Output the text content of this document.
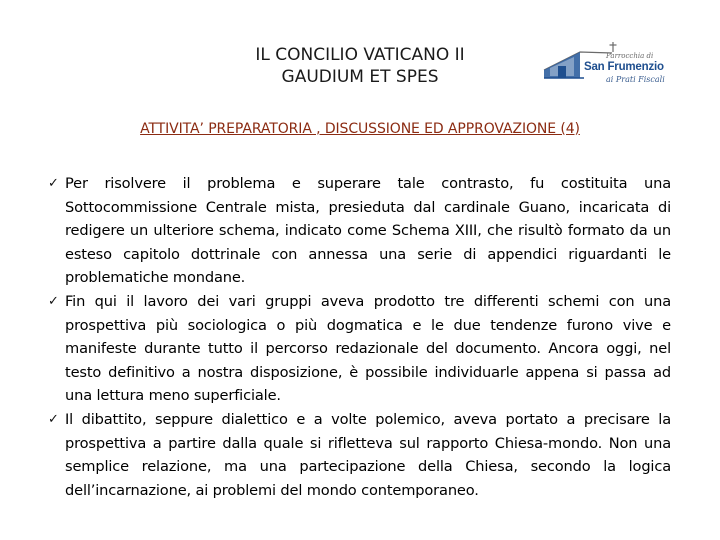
IL CONCILIO VATICANO II
GAUDIUM ET SPES
Parrocchia di
San Frumenzio
ai Prati Fiscali
ATTIVITA’ PREPARATORIA , DISCUSSIONE ED APPROVAZIONE (4)
✓ Per risolvere il problema e superare tale contrasto, fu costituita una Sottocommissione Centrale mista, presieduta dal cardinale Guano, incaricata di redigere un ulteriore schema, indicato come Schema XIII, che risultò formato da un esteso capitolo dottrinale con annessa una serie di appendici riguardanti le problematiche mondane.
✓ Fin qui il lavoro dei vari gruppi aveva prodotto tre differenti schemi con una prospettiva più sociologica o più dogmatica e le due tendenze furono vive e manifeste durante tutto il percorso redazionale del documento. Ancora oggi, nel testo definitivo a nostra disposizione, è possibile individuarle appena si passa ad una lettura meno superficiale.
✓ Il dibattito, seppure dialettico e a volte polemico, aveva portato a precisare la prospettiva a partire dalla quale si rifletteva sul rapporto Chiesa-mondo. Non una semplice relazione, ma una partecipazione della Chiesa, secondo la logica dell’incarnazione, ai problemi del mondo contemporaneo.
